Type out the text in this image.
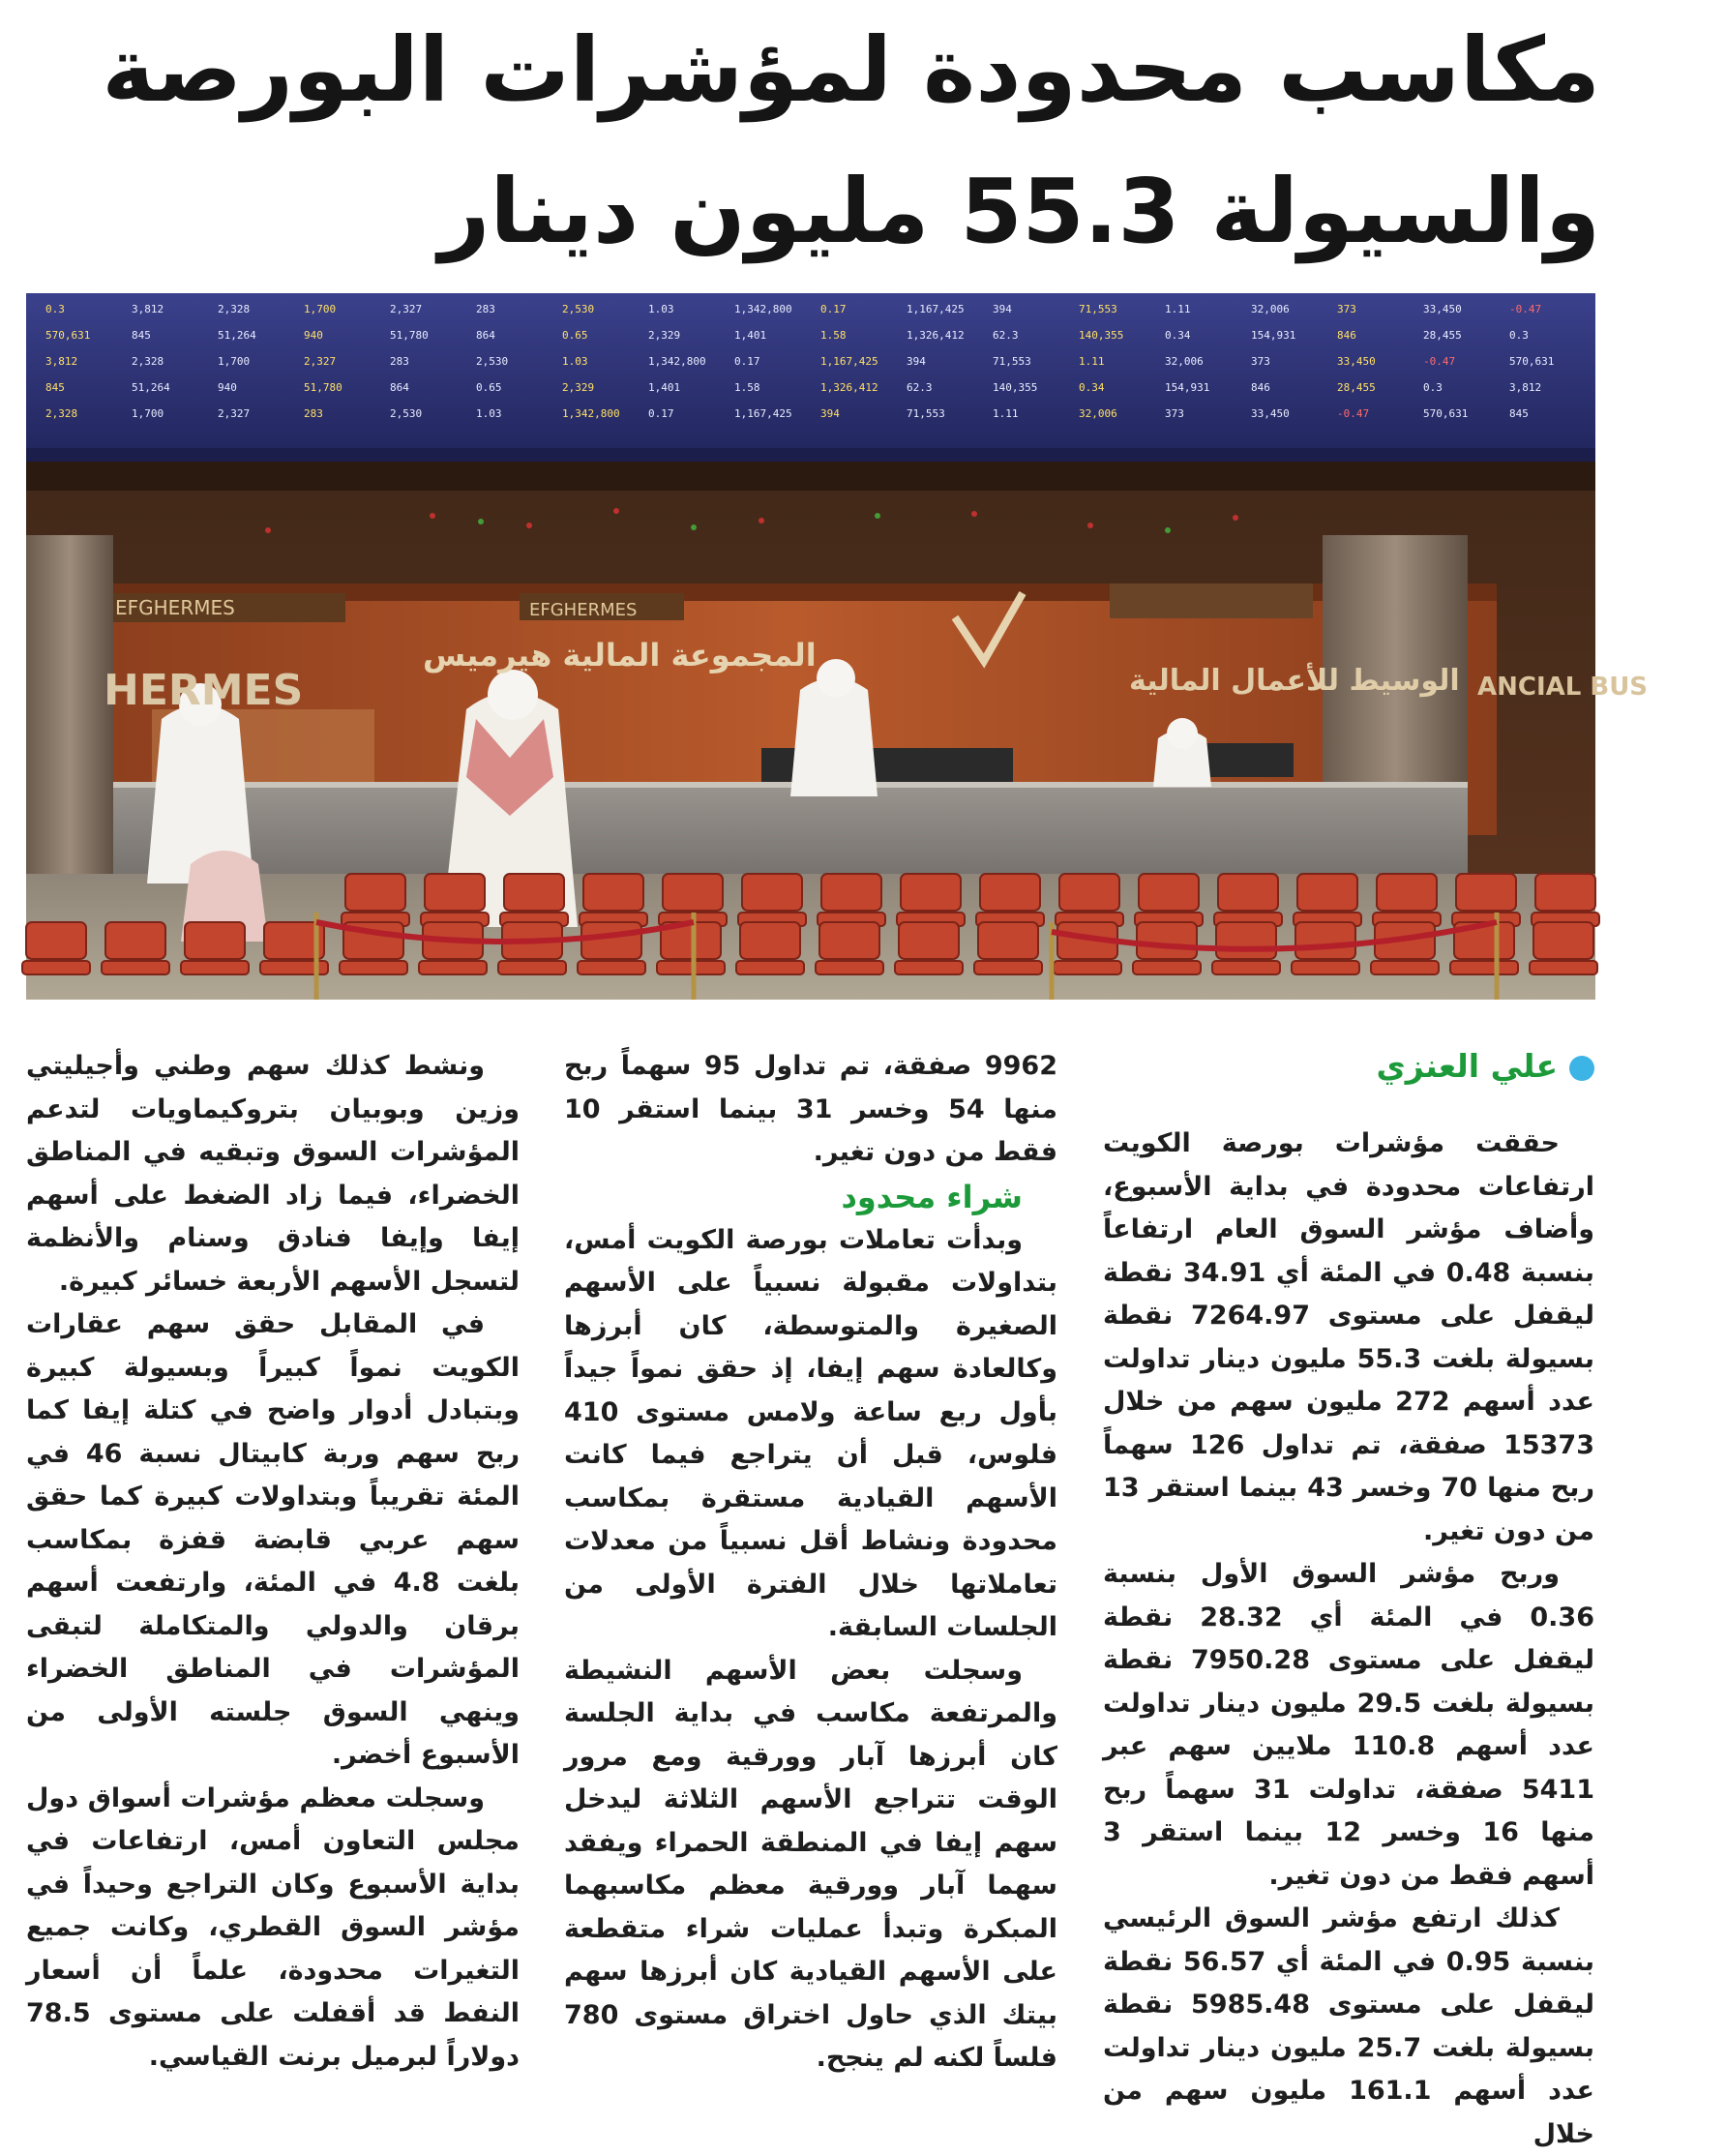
مكاسب محدودة لمؤشرات البورصة
والسيولة 55.3 مليون دينار
0.3	3,812	2,328	1,700	2,327	283	2,530	1.03	1,342,800	0.17	1,167,425	394	71,553	1.11	32,006	373	33,450	-0.47
570,631	845	51,264	940	51,780	864	0.65	2,329	1,401	1.58	1,326,412	62.3	140,355	0.34	154,931	846	28,455	0.3
3,812	2,328	1,700	2,327	283	2,530	1.03	1,342,800	0.17	1,167,425	394	71,553	1.11	32,006	373	33,450	-0.47	570,631
845	51,264	940	51,780	864	0.65	2,329	1,401	1.58	1,326,412	62.3	140,355	0.34	154,931	846	28,455	0.3	3,812
2,328	1,700	2,327	283	2,530	1.03	1,342,800	0.17	1,167,425	394	71,553	1.11	32,006	373	33,450	-0.47	570,631	845
EFGHERMES	EFGHERMES
المجموعة المالية هيرميس
HERMES	الوسيط للأعمال المالية ANCIAL BUS
علي العنزي

حققت مؤشرات بورصة الكويت ارتفاعات محدودة في بداية الأسبوع، وأضاف مؤشر السوق العام ارتفاعاً بنسبة 0.48 في المئة أي 34.91 نقطة ليقفل على مستوى 7264.97 نقطة بسيولة بلغت 55.3 مليون دينار تداولت عدد أسهم 272 مليون سهم من خلال 15373 صفقة، تم تداول 126 سهماً ربح منها 70 وخسر 43 بينما استقر 13 من دون تغير.

وربح مؤشر السوق الأول بنسبة 0.36 في المئة أي 28.32 نقطة ليقفل على مستوى 7950.28 نقطة بسيولة بلغت 29.5 مليون دينار تداولت عدد أسهم 110.8 ملايين سهم عبر 5411 صفقة، تداولت 31 سهماً ربح منها 16 وخسر 12 بينما استقر 3 أسهم فقط من دون تغير.

كذلك ارتفع مؤشر السوق الرئيسي بنسبة 0.95 في المئة أي 56.57 نقطة ليقفل على مستوى 5985.48 نقطة بسيولة بلغت 25.7 مليون دينار تداولت عدد أسهم 161.1 مليون سهم من خلال

9962 صفقة، تم تداول 95 سهماً ربح منها 54 وخسر 31 بينما استقر 10 فقط من دون تغير.

شراء محدود

وبدأت تعاملات بورصة الكويت أمس، بتداولات مقبولة نسبياً على الأسهم الصغيرة والمتوسطة، كان أبرزها وكالعادة سهم إيفا، إذ حقق نمواً جيداً بأول ربع ساعة ولامس مستوى 410 فلوس، قبل أن يتراجع فيما كانت الأسهم القيادية مستقرة بمكاسب محدودة ونشاط أقل نسبياً من معدلات تعاملاتها خلال الفترة الأولى من الجلسات السابقة.

وسجلت بعض الأسهم النشيطة والمرتفعة مكاسب في بداية الجلسة كان أبرزها آبار وورقية ومع مرور الوقت تتراجع الأسهم الثلاثة ليدخل سهم إيفا في المنطقة الحمراء ويفقد سهما آبار وورقية معظم مكاسبهما المبكرة وتبدأ عمليات شراء متقطعة على الأسهم القيادية كان أبرزها سهم بيتك الذي حاول اختراق مستوى 780 فلساً لكنه لم ينجح.

ونشط كذلك سهم وطني وأجيليتي وزين وبوبيان بتروكيماويات لتدعم المؤشرات السوق وتبقيه في المناطق الخضراء، فيما زاد الضغط على أسهم إيفا وإيفا فنادق وسنام والأنظمة لتسجل الأسهم الأربعة خسائر كبيرة.

في المقابل حقق سهم عقارات الكويت نمواً كبيراً وبسيولة كبيرة وبتبادل أدوار واضح في كتلة إيفا كما ربح سهم وربة كابيتال نسبة 46 في المئة تقريباً وبتداولات كبيرة كما حقق سهم عربي قابضة قفزة بمكاسب بلغت 4.8 في المئة، وارتفعت أسهم برقان والدولي والمتكاملة لتبقى المؤشرات في المناطق الخضراء وينهي السوق جلسته الأولى من الأسبوع أخضر.

وسجلت معظم مؤشرات أسواق دول مجلس التعاون أمس، ارتفاعات في بداية الأسبوع وكان التراجع وحيداً في مؤشر السوق القطري، وكانت جميع التغيرات محدودة، علماً أن أسعار النفط قد أقفلت على مستوى 78.5 دولاراً لبرميل برنت القياسي.
